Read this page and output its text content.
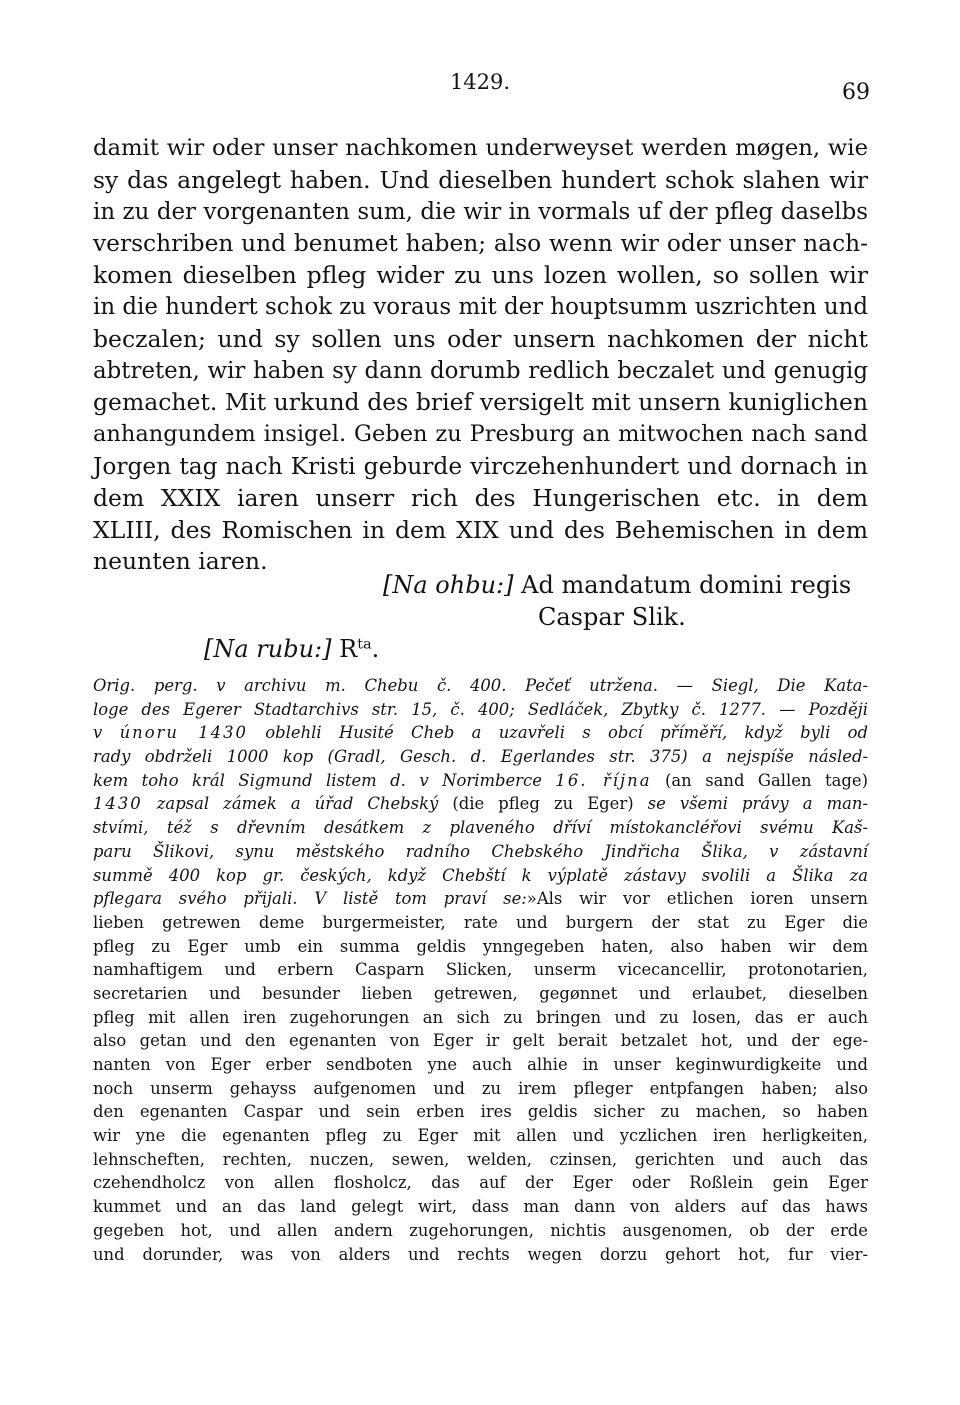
1429.	69
damit wir oder unser nachkomen underweyset werden møgen, wie
sy das angelegt haben. Und dieselben hundert schok slahen wir
in zu der vorgenanten sum, die wir in vormals uf der pfleg daselbs
verschriben und benumet haben; also wenn wir oder unser nach-
komen dieselben pfleg wider zu uns lozen wollen, so sollen wir
in die hundert schok zu voraus mit der houptsumm uszrichten und
beczalen; und sy sollen uns oder unsern nachkomen der nicht
abtreten, wir haben sy dann dorumb redlich beczalet und genugig
gemachet. Mit urkund des brief versigelt mit unsern kuniglichen
anhangundem insigel. Geben zu Presburg an mitwochen nach sand
Jorgen tag nach Kristi geburde virczehenhundert und dornach in
dem XXIX iaren unserr rich des Hungerischen etc. in dem
XLIII, des Romischen in dem XIX und des Behemischen in dem
neunten iaren.
[Na ohbu:] Ad mandatum domini regis
Caspar Slik.
[Na rubu:] $R^{ta}$.
Orig. perg. v archivu m. Chebu č. 400. Pečeť utržena. — Siegl, Die Kata-
loge des Egerer Stadtarchivs str. 15, č. 400; Sedláček, Zbytky č. 1277. — Později
v únoru 1430 oblehli Husité Cheb a uzavřeli s obcí příměří, když byli od
rady obdrželi 1000 kop (Gradl, Gesch. d. Egerlandes str. 375) a nejspíše násled-
kem toho král Sigmund listem d. v Norimberce 16. října (an sand Gallen tage)
1430 zapsal zámek a úřad Chebský (die pfleg zu Eger) se všemi právy a man-
stvími, též s dřevním desátkem z plaveného dříví místokancléřovi svému Kaš-
paru Šlikovi, synu městského radního Chebského Jindřicha Šlika, v zástavní
summě 400 kop gr. českých, když Chebští k výplatě zástavy svolili a Šlika za
pflegara svého přijali. V listě tom praví se:»Als wir vor etlichen ioren unsern
lieben getrewen deme burgermeister, rate und burgern der stat zu Eger die
pfleg zu Eger umb ein summa geldis ynngegeben haten, also haben wir dem
namhaftigem und erbern Casparn Slicken, unserm vicecancellir, protonotarien,
secretarien und besunder lieben getrewen, gegønnet und erlaubet, dieselben
pfleg mit allen iren zugehorungen an sich zu bringen und zu losen, das er auch
also getan und den egenanten von Eger ir gelt berait betzalet hot, und der ege-
nanten von Eger erber sendboten yne auch alhie in unser keginwurdigkeite und
noch unserm gehayss aufgenomen und zu irem pfleger entpfangen haben; also
den egenanten Caspar und sein erben ires geldis sicher zu machen, so haben
wir yne die egenanten pfleg zu Eger mit allen und yczlichen iren herligkeiten,
lehnscheften, rechten, nuczen, sewen, welden, czinsen, gerichten und auch das
czehendholcz von allen flosholcz, das auf der Eger oder Roßlein gein Eger
kummet und an das land gelegt wirt, dass man dann von alders auf das haws
gegeben hot, und allen andern zugehorungen, nichtis ausgenomen, ob der erde
und dorunder, was von alders und rechts wegen dorzu gehort hot, fur vier-
